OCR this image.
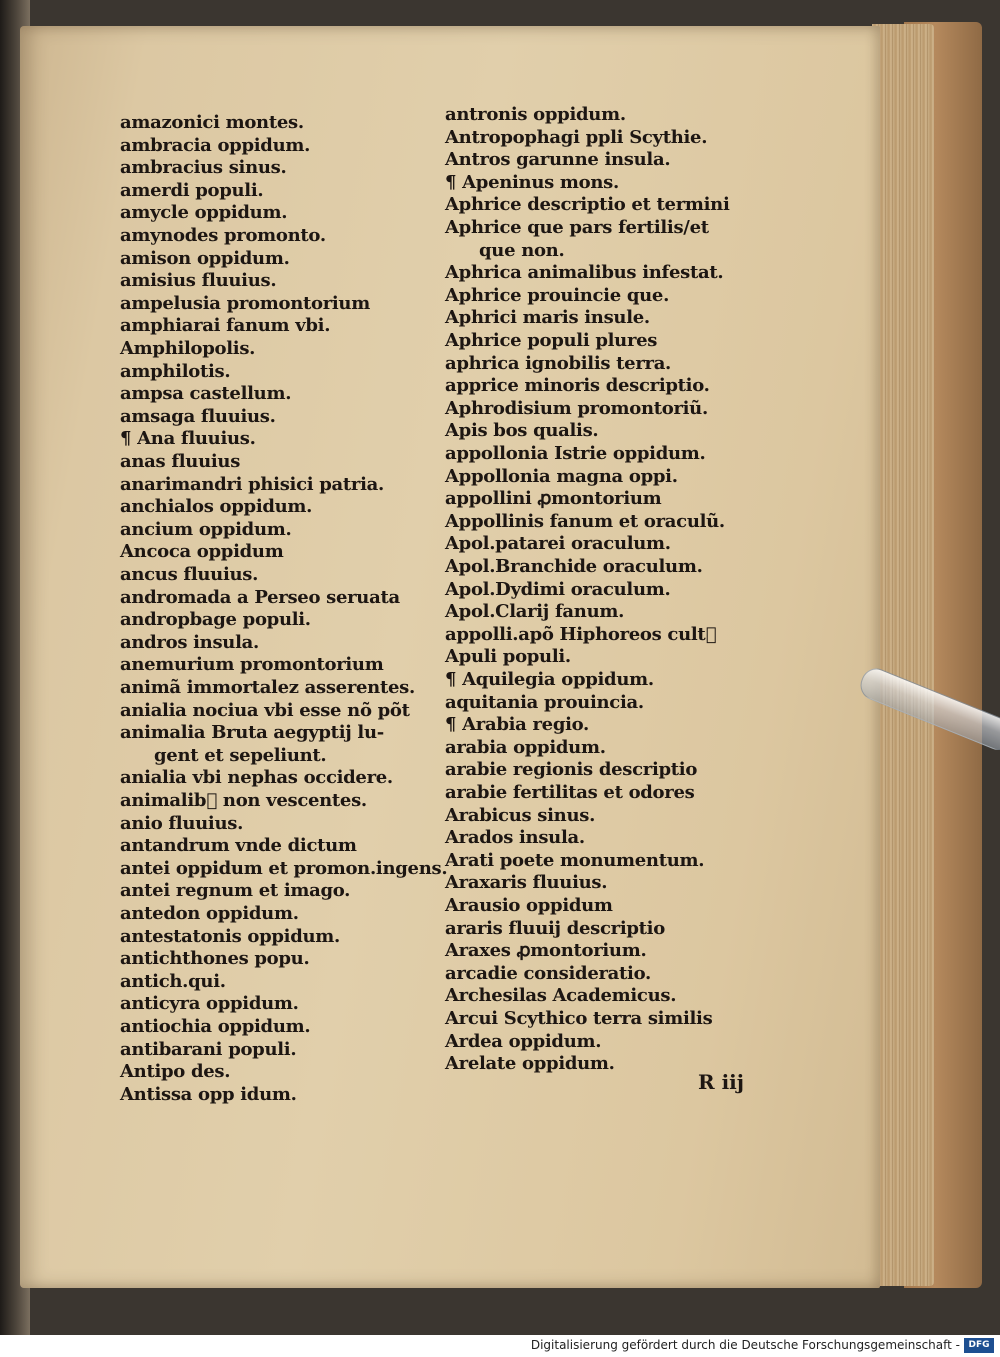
amazonici montes.
ambracia oppidum.
ambracius sinus.
amerdi populi.
amycle oppidum.
amynodes promonto.
amison oppidum.
amisius fluuius.
ampelusia promontorium
amphiarai fanum vbi.
Amphilopolis.
amphilotis.
ampsa castellum.
amsaga fluuius.
¶ Ana fluuius.
anas fluuius
anarimandri phisici patria.
anchialos oppidum.
ancium oppidum.
Ancoca oppidum
ancus fluuius.
andromada a Perseo seruata
andropbage populi.
andros insula.
anemurium promontorium
animã immortalez asserentes.
anialia nociua vbi esse nõ põt
animalia Bruta aegyptij lu-
gent et sepeliunt.
anialia vbi nephas occidere.
animalib᷒ non vescentes.
anio fluuius.
antandrum vnde dictum
antei oppidum et promon.ingens.
antei regnum et imago.
antedon oppidum.
antestatonis oppidum.
antichthones popu.
antich.qui.
anticyra oppidum.
antiochia oppidum.
antibarani populi.
Antipo des.
Antissa opp idum.
antronis oppidum.
Antropophagi ppli Scythie.
Antros garunne insula.
¶ Apeninus mons.
Aphrice descriptio et termini
Aphrice que pars fertilis/et
que non.
Aphrica animalibus infestat.
Aphrice prouincie que.
Aphrici maris insule.
Aphrice populi plures
aphrica ignobilis terra.
apprice minoris descriptio.
Aphrodisium promontoriũ.
Apis bos qualis.
appollonia Istrie oppidum.
Appollonia magna oppi.
appollini ꝓmontorium
Appollinis fanum et oraculũ.
Apol.patarei oraculum.
Apol.Branchide oraculum.
Apol.Dydimi oraculum.
Apol.Clarij fanum.
appolli.apõ Hiphoreos cult᷒
Apuli populi.
¶ Aquilegia oppidum.
aquitania prouincia.
¶ Arabia regio.
arabia oppidum.
arabie regionis descriptio
arabie fertilitas et odores
Arabicus sinus.
Arados insula.
Arati poete monumentum.
Araxaris fluuius.
Arausio oppidum
araris fluuij descriptio
Araxes ꝓmontorium.
arcadie consideratio.
Archesilas Academicus.
Arcui Scythico terra similis
Ardea oppidum.
Arelate oppidum.
R iij
Digitalisierung gefördert durch die Deutsche Forschungsgemeinschaft - DFG
